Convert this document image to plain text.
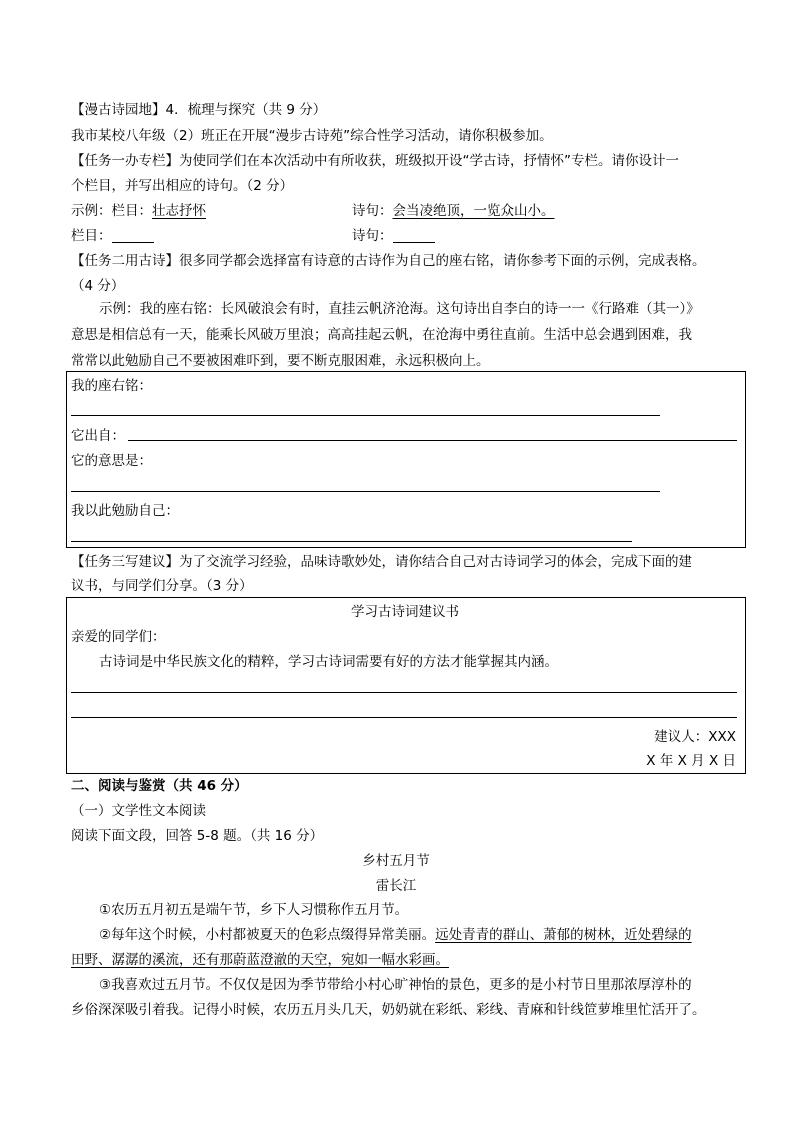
【漫古诗园地】4．梳理与探究（共 9 分）
我市某校八年级（2）班正在开展“漫步古诗苑”综合性学习活动，请你积极参加。
【任务一办专栏】为使同学们在本次活动中有所收获，班级拟开设“学古诗，抒情怀”专栏。请你设计一
个栏目，并写出相应的诗句。（2 分）
示例：栏目：壮志抒怀	诗句：会当凌绝顶，一览众山小。
栏目：	诗句：
【任务二用古诗】很多同学都会选择富有诗意的古诗作为自己的座右铭，请你参考下面的示例，完成表格。
（4 分）
示例：我的座右铭：长风破浪会有时，直挂云帆济沧海。这句诗出自李白的诗一一《行路难（其一）》
意思是相信总有一天，能乘长风破万里浪；高高挂起云帆，在沧海中勇往直前。生活中总会遇到困难，我
常常以此勉励自己不要被困难吓到，要不断克服困难，永远积极向上。
我的座右铭：
它出自：
它的意思是：
我以此勉励自己：
【任务三写建议】为了交流学习经验，品味诗歌妙处，请你结合自己对古诗词学习的体会，完成下面的建
议书，与同学们分享。（3 分）
学习古诗词建议书
亲爱的同学们：
古诗词是中华民族文化的精粹，学习古诗词需要有好的方法才能掌握其内涵。
建议人：XXX
X 年 X 月 X 日
二、阅读与鉴赏（共 46 分）
（一）文学性文本阅读
阅读下面文段，回答 5-8 题。（共 16 分）
乡村五月节
雷长江
①农历五月初五是端午节，乡下人习惯称作五月节。
②每年这个时候，小村都被夏天的色彩点缀得异常美丽。远处青青的群山、萧郁的树林，近处碧绿的
田野、潺潺的溪流，还有那蔚蓝澄澈的天空，宛如一幅水彩画。
③我喜欢过五月节。不仅仅是因为季节带给小村心旷神怡的景色，更多的是小村节日里那浓厚淳朴的
乡俗深深吸引着我。记得小时候，农历五月头几天，奶奶就在彩纸、彩线、青麻和针线笸萝堆里忙活开了。
